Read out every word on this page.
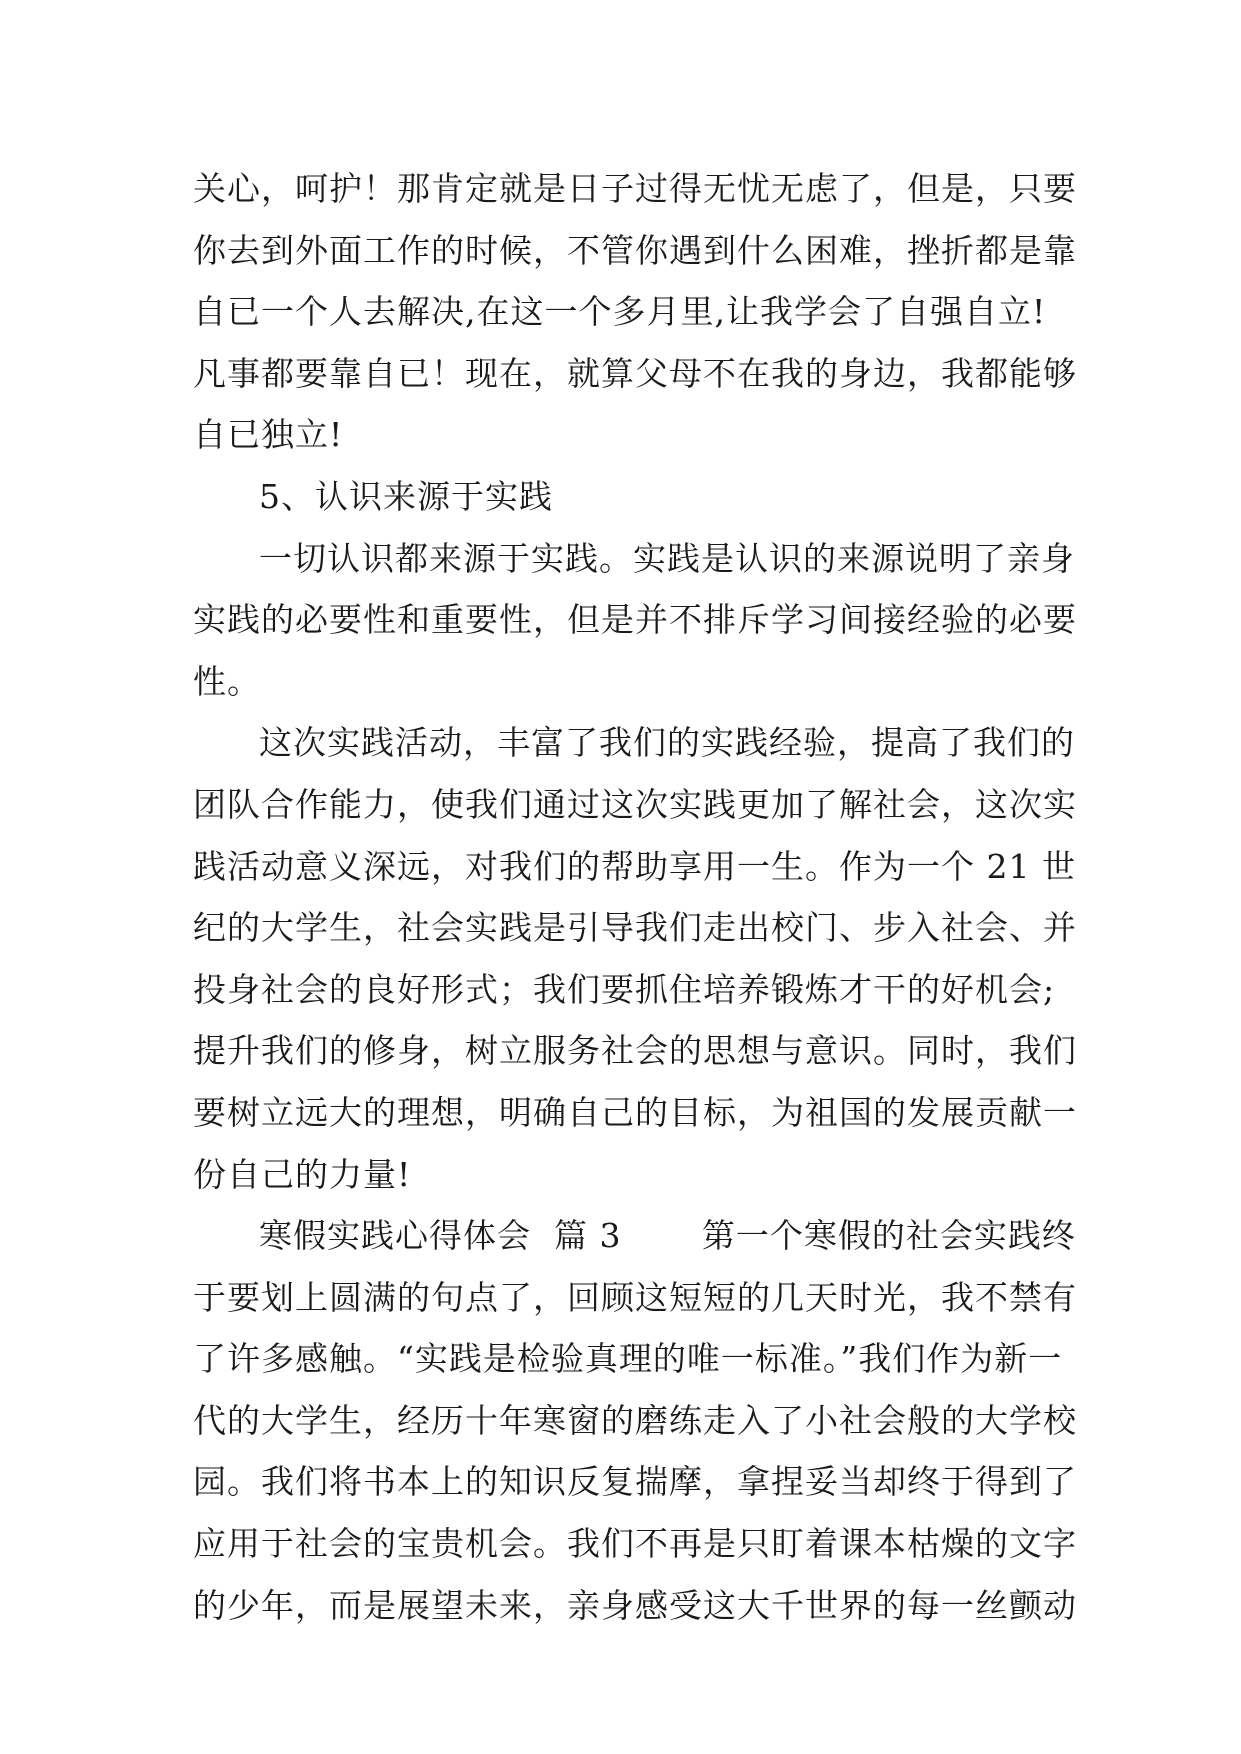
关心，呵护！那肯定就是日子过得无忧无虑了，但是，只要
你去到外面工作的时候，不管你遇到什么困难，挫折都是靠
自已一个人去解决,在这一个多月里,让我学会了自强自立!
凡事都要靠自已！现在，就算父母不在我的身边，我都能够
自已独立!
5、认识来源于实践
一切认识都来源于实践。实践是认识的来源说明了亲身
实践的必要性和重要性，但是并不排斥学习间接经验的必要
性。
这次实践活动，丰富了我们的实践经验，提高了我们的
团队合作能力，使我们通过这次实践更加了解社会，这次实
践活动意义深远，对我们的帮助享用一生。作为一个 21 世
纪的大学生，社会实践是引导我们走出校门、步入社会、并
投身社会的良好形式；我们要抓住培养锻炼才干的好机会;
提升我们的修身，树立服务社会的思想与意识。同时，我们
要树立远大的理想，明确自己的目标，为祖国的发展贡献一
份自己的力量!
寒假实践心得体会  篇 3       第一个寒假的社会实践终
于要划上圆满的句点了，回顾这短短的几天时光，我不禁有
了许多感触。“实践是检验真理的唯一标准。”我们作为新一
代的大学生，经历十年寒窗的磨练走入了小社会般的大学校
园。我们将书本上的知识反复揣摩，拿捏妥当却终于得到了
应用于社会的宝贵机会。我们不再是只盯着课本枯燥的文字
的少年，而是展望未来，亲身感受这大千世界的每一丝颤动
